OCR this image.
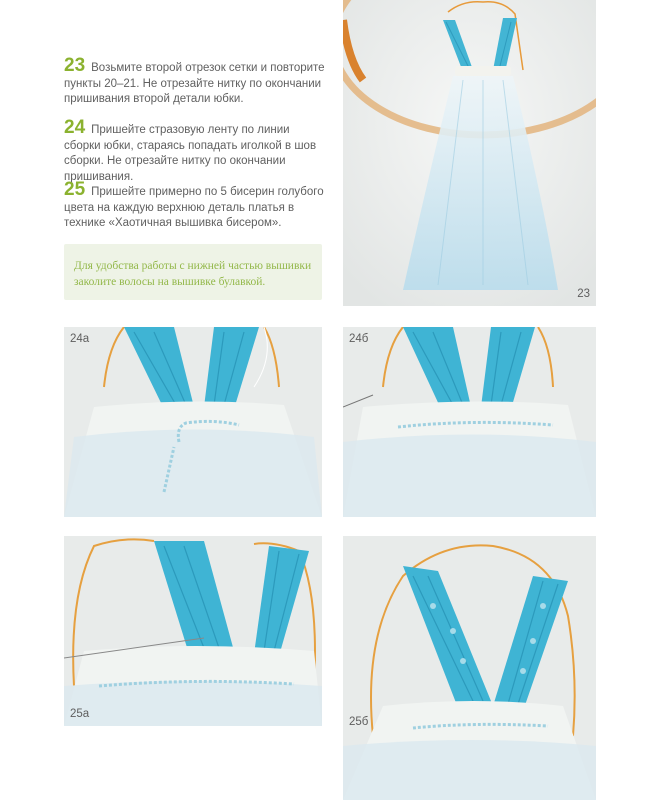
23 Возьмите второй отрезок сетки и повторите пункты 20–21. Не отрезайте нитку по окончании пришивания второй детали юбки.
24 Пришейте стразовую ленту по линии сборки юбки, стараясь попадать иголкой в шов сборки. Не отрезайте нитку по окончании пришивания.
25 Пришейте примерно по 5 бисерин голубого цвета на каждую верхнюю деталь платья в технике «Хаотичная вышивка бисером».
Для удобства работы с нижней частью вышивки заколите волосы на вышивке булавкой.
23
24а	24б
25а
25б
